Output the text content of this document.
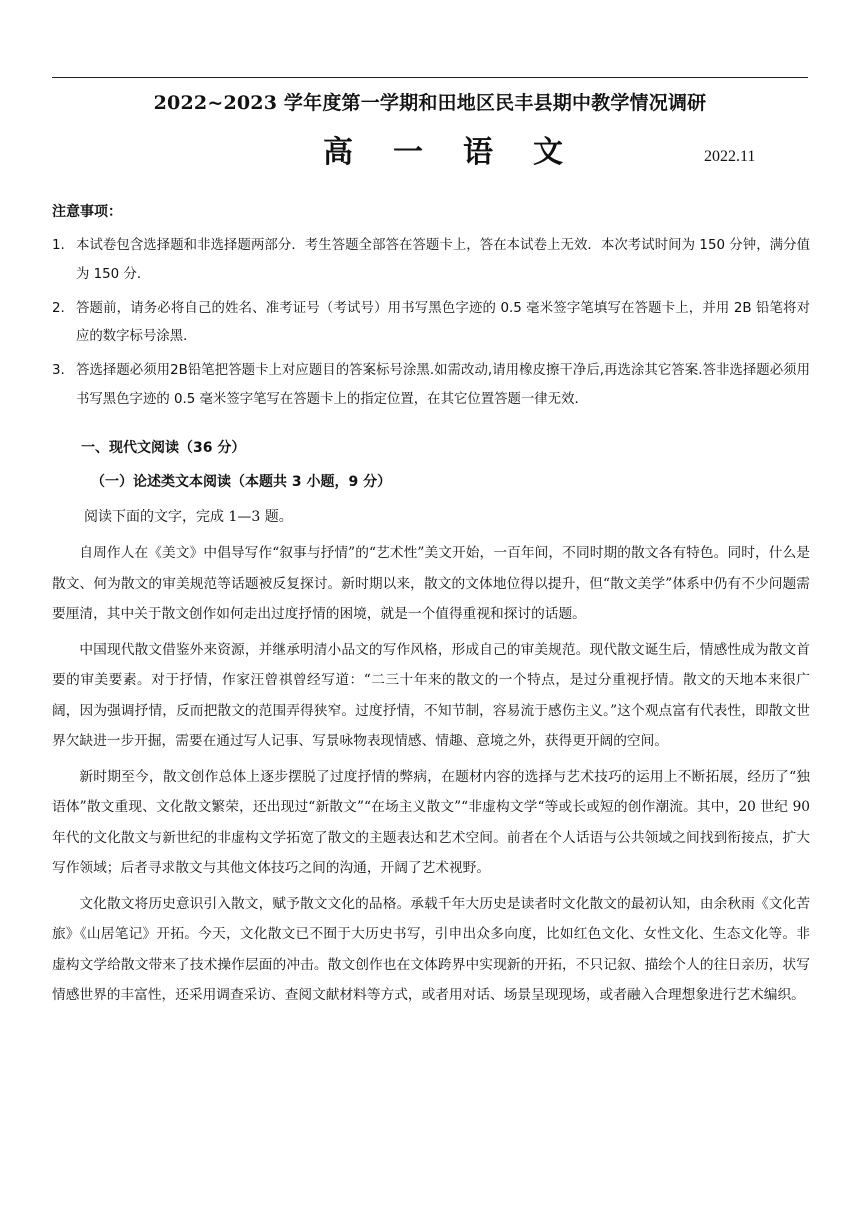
2022~2023 学年度第一学期和田地区民丰县期中教学情况调研
高 一 语 文	2022.11
注意事项：
1. 本试卷包含选择题和非选择题两部分．考生答题全部答在答题卡上，答在本试卷上无效．本次考试时间为 150 分钟，满分值为 150 分．
2. 答题前，请务必将自己的姓名、准考证号（考试号）用书写黑色字迹的 0.5 毫米签字笔填写在答题卡上，并用 2B 铅笔将对应的数字标号涂黑．
3. 答选择题必须用2B铅笔把答题卡上对应题目的答案标号涂黑.如需改动,请用橡皮擦干净后,再选涂其它答案.答非选择题必须用书写黑色字迹的 0.5 毫米签字笔写在答题卡上的指定位置，在其它位置答题一律无效．
一、现代文阅读（36 分）
（一）论述类文本阅读（本题共 3 小题，9 分）
阅读下面的文字，完成 1—3 题。

自周作人在《美文》中倡导写作“叙事与抒情”的“艺术性”美文开始，一百年间，不同时期的散文各有特色。同时，什么是散文、何为散文的审美规范等话题被反复探讨。新时期以来，散文的文体地位得以提升，但“散文美学”体系中仍有不少问题需要厘清，其中关于散文创作如何走出过度抒情的困境，就是一个值得重视和探讨的话题。

中国现代散文借鉴外来资源，并继承明清小品文的写作风格，形成自己的审美规范。现代散文诞生后，情感性成为散文首要的审美要素。对于抒情，作家汪曾祺曾经写道：“二三十年来的散文的一个特点，是过分重视抒情。散文的天地本来很广阔，因为强调抒情，反而把散文的范围弄得狭窄。过度抒情，不知节制，容易流于感伤主义。”这个观点富有代表性，即散文世界欠缺进一步开掘，需要在通过写人记事、写景咏物表现情感、情趣、意境之外，获得更开阔的空间。

新时期至今，散文创作总体上逐步摆脱了过度抒情的弊病，在题材内容的选择与艺术技巧的运用上不断拓展，经历了“独语体”散文重现、文化散文繁荣，还出现过“新散文”“在场主义散文”“非虚构文学“等或长或短的创作潮流。其中，20 世纪 90 年代的文化散文与新世纪的非虚构文学拓宽了散文的主题表达和艺术空间。前者在个人话语与公共领域之间找到衔接点，扩大写作领域；后者寻求散文与其他文体技巧之间的沟通，开阔了艺术视野。

文化散文将历史意识引入散文，赋予散文文化的品格。承载千年大历史是读者时文化散文的最初认知，由余秋雨《文化苦旅》《山居笔记》开拓。今天，文化散文已不囿于大历史书写，引申出众多向度，比如红色文化、女性文化、生态文化等。非虚构文学给散文带来了技术操作层面的冲击。散文创作也在文体跨界中实现新的开拓，不只记叙、描绘个人的往日亲历，状写情感世界的丰富性，还采用调查采访、查阅文献材料等方式，或者用对话、场景呈现现场，或者融入合理想象进行艺术编织。
